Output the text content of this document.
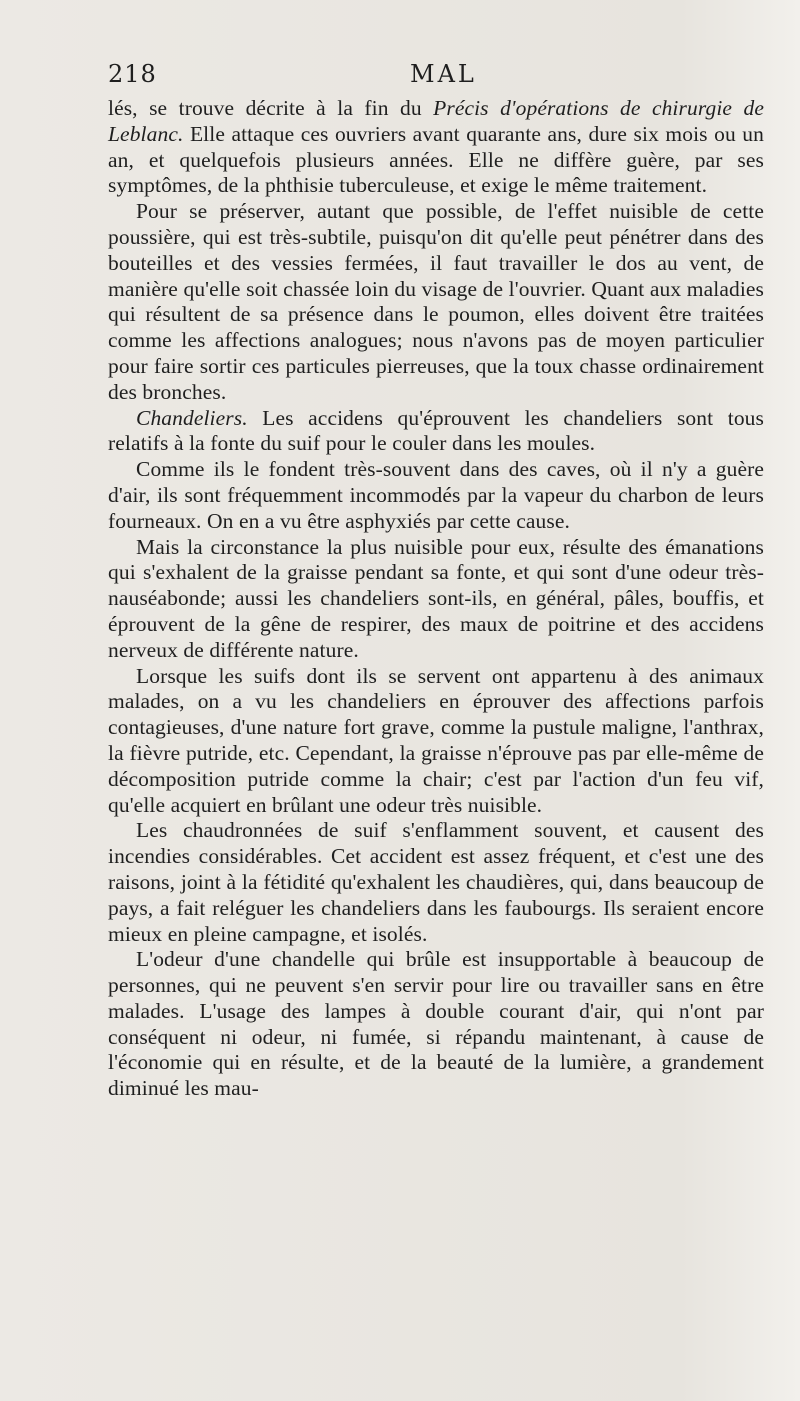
218	MAL

lés, se trouve décrite à la fin du Précis d'opérations de chirurgie de Leblanc. Elle attaque ces ouvriers avant quarante ans, dure six mois ou un an, et quelquefois plusieurs années. Elle ne diffère guère, par ses symptômes, de la phthisie tuberculeuse, et exige le même traitement.

Pour se préserver, autant que possible, de l'effet nuisible de cette poussière, qui est très-subtile, puisqu'on dit qu'elle peut pénétrer dans des bouteilles et des vessies fermées, il faut travailler le dos au vent, de manière qu'elle soit chassée loin du visage de l'ouvrier. Quant aux maladies qui résultent de sa présence dans le poumon, elles doivent être traitées comme les affections analogues; nous n'avons pas de moyen particulier pour faire sortir ces particules pierreuses, que la toux chasse ordinairement des bronches.

Chandeliers. Les accidens qu'éprouvent les chandeliers sont tous relatifs à la fonte du suif pour le couler dans les moules.

Comme ils le fondent très-souvent dans des caves, où il n'y a guère d'air, ils sont fréquemment incommodés par la vapeur du charbon de leurs fourneaux. On en a vu être asphyxiés par cette cause.

Mais la circonstance la plus nuisible pour eux, résulte des émanations qui s'exhalent de la graisse pendant sa fonte, et qui sont d'une odeur très-nauséabonde; aussi les chandeliers sont-ils, en général, pâles, bouffis, et éprouvent de la gêne de respirer, des maux de poitrine et des accidens nerveux de différente nature.

Lorsque les suifs dont ils se servent ont appartenu à des animaux malades, on a vu les chandeliers en éprouver des affections parfois contagieuses, d'une nature fort grave, comme la pustule maligne, l'anthrax, la fièvre putride, etc. Cependant, la graisse n'éprouve pas par elle-même de décomposition putride comme la chair; c'est par l'action d'un feu vif, qu'elle acquiert en brûlant une odeur très nuisible.

Les chaudronnées de suif s'enflamment souvent, et causent des incendies considérables. Cet accident est assez fréquent, et c'est une des raisons, joint à la fétidité qu'exhalent les chaudières, qui, dans beaucoup de pays, a fait reléguer les chandeliers dans les faubourgs. Ils seraient encore mieux en pleine campagne, et isolés.

L'odeur d'une chandelle qui brûle est insupportable à beaucoup de personnes, qui ne peuvent s'en servir pour lire ou travailler sans en être malades. L'usage des lampes à double courant d'air, qui n'ont par conséquent ni odeur, ni fumée, si répandu maintenant, à cause de l'économie qui en résulte, et de la beauté de la lumière, a grandement diminué les mau-
